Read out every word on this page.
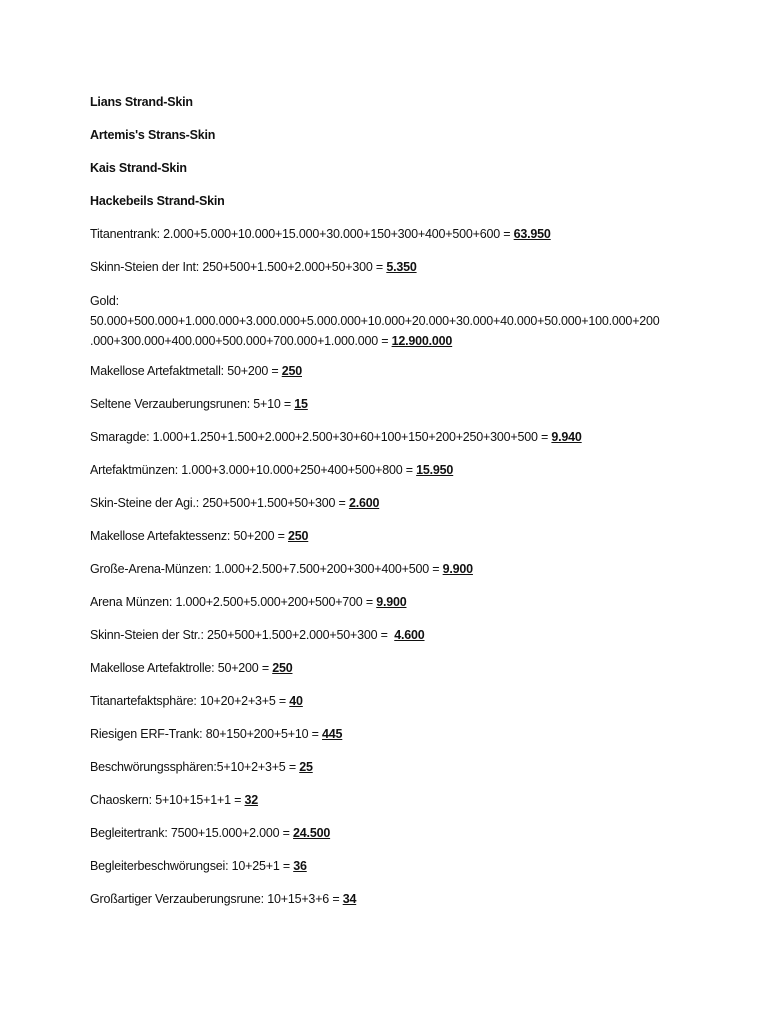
Lians Strand-Skin
Artemis's Strans-Skin
Kais Strand-Skin
Hackebeils Strand-Skin
Titanentrank: 2.000+5.000+10.000+15.000+30.000+150+300+400+500+600 = 63.950
Skinn-Steien der Int: 250+500+1.500+2.000+50+300 = 5.350
Gold:
50.000+500.000+1.000.000+3.000.000+5.000.000+10.000+20.000+30.000+40.000+50.000+100.000+200
.000+300.000+400.000+500.000+700.000+1.000.000 = 12.900.000
Makellose Artefaktmetall: 50+200 = 250
Seltene Verzauberungsrunen: 5+10 = 15
Smaragde: 1.000+1.250+1.500+2.000+2.500+30+60+100+150+200+250+300+500 = 9.940
Artefaktmünzen: 1.000+3.000+10.000+250+400+500+800 = 15.950
Skin-Steine der Agi.: 250+500+1.500+50+300 = 2.600
Makellose Artefaktessenz: 50+200 = 250
Große-Arena-Münzen: 1.000+2.500+7.500+200+300+400+500 = 9.900
Arena Münzen: 1.000+2.500+5.000+200+500+700 = 9.900
Skinn-Steien der Str.: 250+500+1.500+2.000+50+300 =  4.600
Makellose Artefaktrolle: 50+200 = 250
Titanartefaktsphäre: 10+20+2+3+5 = 40
Riesigen ERF-Trank: 80+150+200+5+10 = 445
Beschwörungssphären:5+10+2+3+5 = 25
Chaoskern: 5+10+15+1+1 = 32
Begleitertrank: 7500+15.000+2.000 = 24.500
Begleiterbeschwörungsei: 10+25+1 = 36
Großartiger Verzauberungsrune: 10+15+3+6 = 34
